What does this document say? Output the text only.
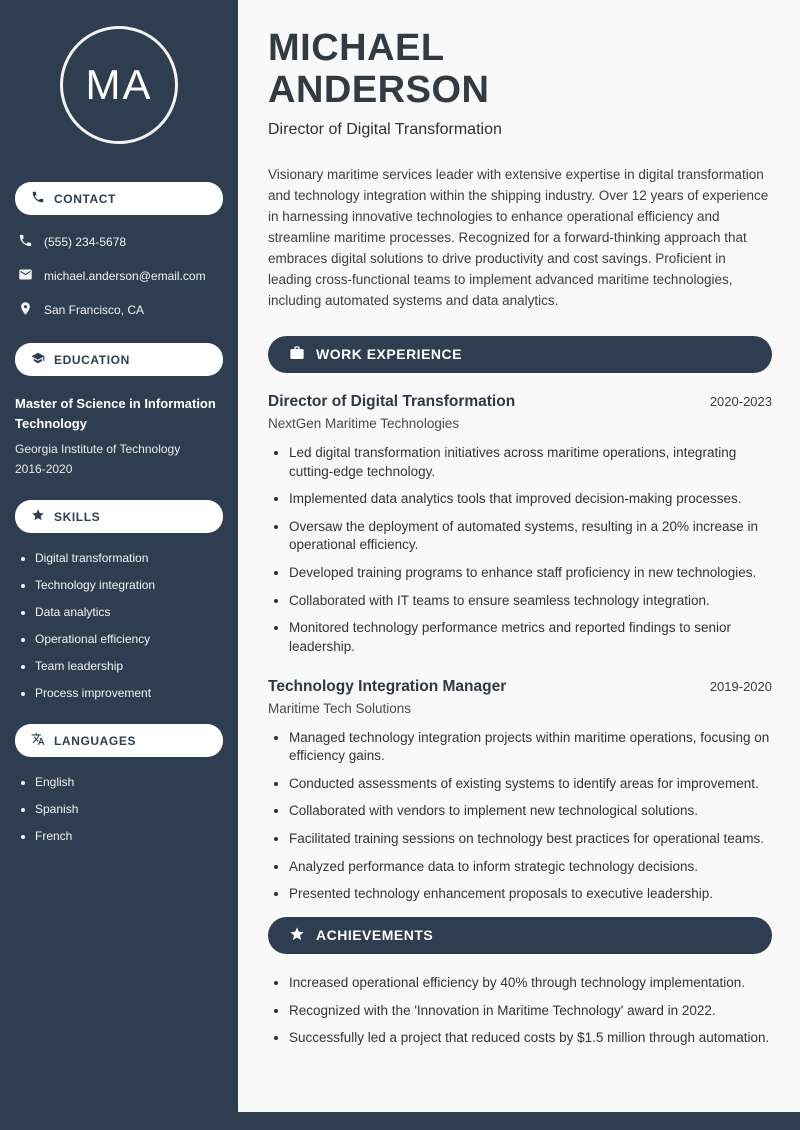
MA
CONTACT
(555) 234-5678
michael.anderson@email.com
San Francisco, CA
EDUCATION
Master of Science in Information Technology
Georgia Institute of Technology
2016-2020
SKILLS
• Digital transformation
• Technology integration
• Data analytics
• Operational efficiency
• Team leadership
• Process improvement
LANGUAGES
• English
• Spanish
• French
MICHAEL
ANDERSON
Director of Digital Transformation

Visionary maritime services leader with extensive expertise in digital transformation and technology integration within the shipping industry. Over 12 years of experience in harnessing innovative technologies to enhance operational efficiency and streamline maritime processes. Recognized for a forward-thinking approach that embraces digital solutions to drive productivity and cost savings. Proficient in leading cross-functional teams to implement advanced maritime technologies, including automated systems and data analytics.

WORK EXPERIENCE
Director of Digital Transformation	2020-2023
NextGen Maritime Technologies
• Led digital transformation initiatives across maritime operations, integrating cutting-edge technology.
• Implemented data analytics tools that improved decision-making processes.
• Oversaw the deployment of automated systems, resulting in a 20% increase in operational efficiency.
• Developed training programs to enhance staff proficiency in new technologies.
• Collaborated with IT teams to ensure seamless technology integration.
• Monitored technology performance metrics and reported findings to senior leadership.
Technology Integration Manager	2019-2020
Maritime Tech Solutions
• Managed technology integration projects within maritime operations, focusing on efficiency gains.
• Conducted assessments of existing systems to identify areas for improvement.
• Collaborated with vendors to implement new technological solutions.
• Facilitated training sessions on technology best practices for operational teams.
• Analyzed performance data to inform strategic technology decisions.
• Presented technology enhancement proposals to executive leadership.
ACHIEVEMENTS
• Increased operational efficiency by 40% through technology implementation.
• Recognized with the 'Innovation in Maritime Technology' award in 2022.
• Successfully led a project that reduced costs by $1.5 million through automation.
